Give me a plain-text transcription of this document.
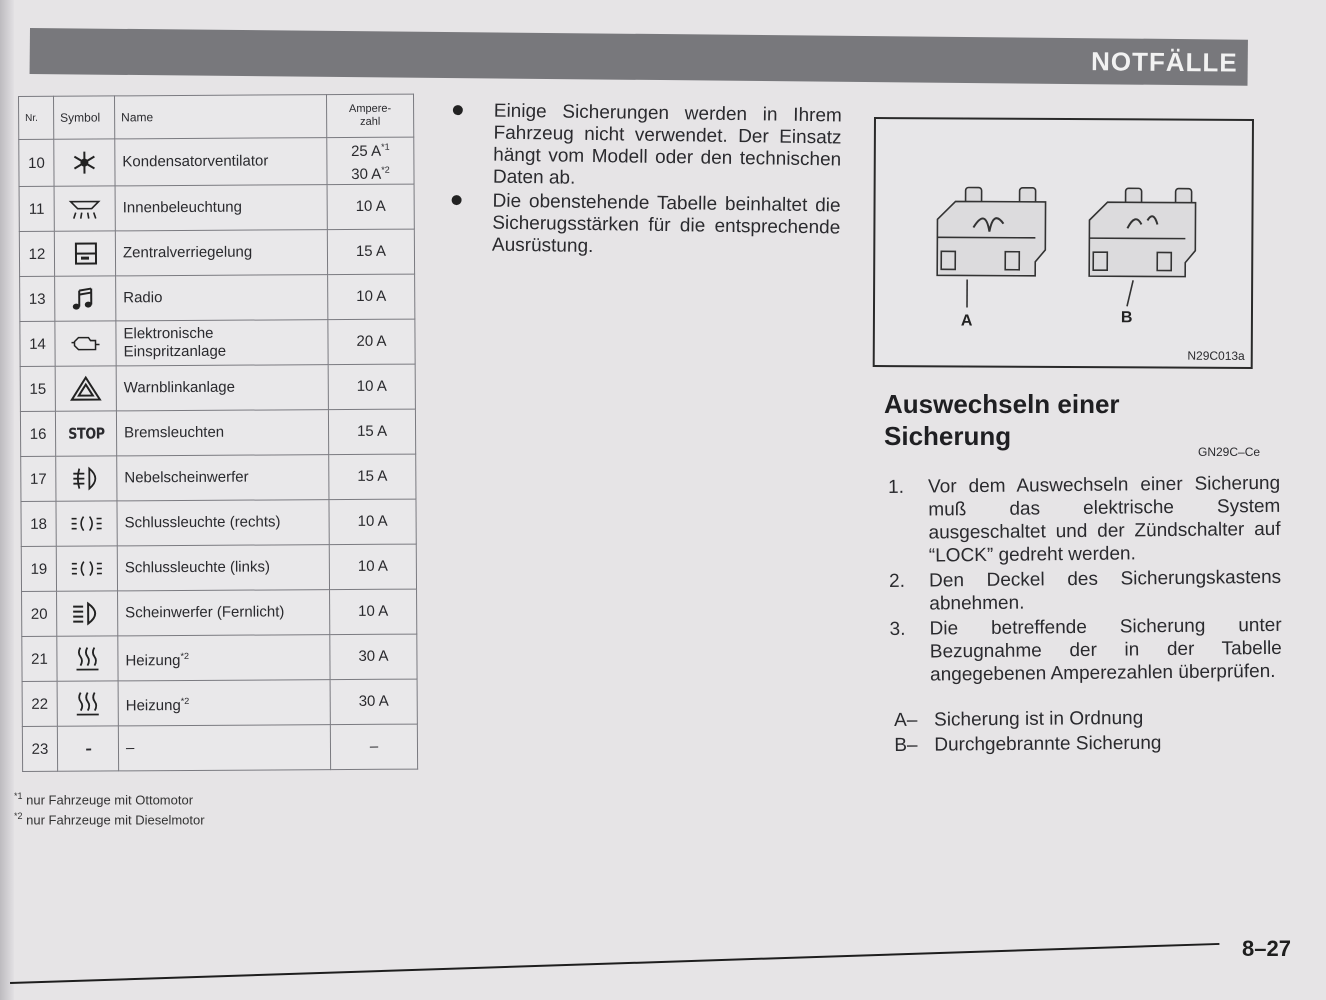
NOTFÄLLE
Nr.	Symbol	Name	Ampere-
zahl
10		Kondensatorventilator	25 $A^{*1}$
30 $A^{*2}$

11		Innenbeleuchtung	10 A

12		Zentralverriegelung	15 A

13		Radio	10 A

14		Elektronische
Einspritzanlage	20 A

15		Warnblinkanlage	10 A

16	STOP	Bremsleuchten	15 A

17		Nebelscheinwerfer	15 A

18		Schlussleuchte (rechts)	10 A

19		Schlussleuchte (links)	10 A

20		Scheinwerfer (Fernlicht)	10 A

21		Heizung$^{*2}$	30 A

22		Heizung$^{*2}$	30 A

23	–	–	–
$^{*1}$ nur Fahrzeuge mit Ottomotor
$^{*2}$ nur Fahrzeuge mit Dieselmotor
Einige Sicherungen werden in Ihrem Fahrzeug nicht verwendet. Der Einsatz hängt vom Modell oder den technischen Daten ab.
Die obenstehende Tabelle beinhaltet die Sicherugsstärken für die entsprechende Ausrüstung.
A	B
N29C013a
Auswechseln einer
Sicherung
GN29C–Ce
1. Vor dem Auswechseln einer Sicherung muß das elektrische System ausgeschaltet und der Zündschalter auf “LOCK” gedreht werden.
2. Den Deckel des Sicherungskastens abnehmen.
3. Die betreffende Sicherung unter Bezugnahme der in der Tabelle angegebenen Amperezahlen überprüfen.
A– Sicherung ist in Ordnung
B– Durchgebrannte Sicherung
8–27
